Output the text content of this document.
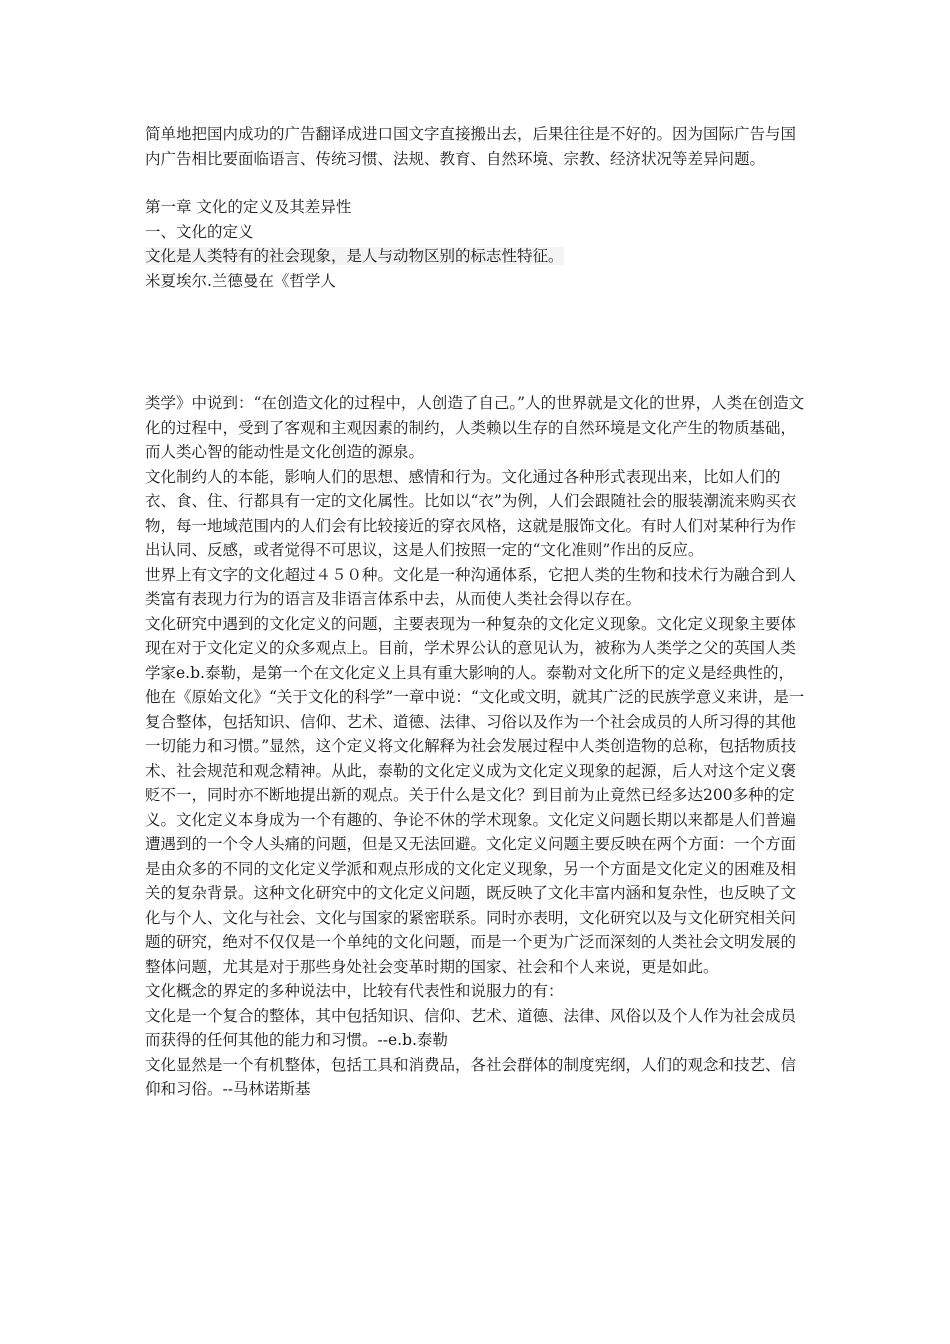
简单地把国内成功的广告翻译成进口国文字直接搬出去，后果往往是不好的。因为国际广告与国内广告相比要面临语言、传统习惯、法规、教育、自然环境、宗教、经济状况等差异问题。

第一章 文化的定义及其差异性

一、文化的定义

文化是人类特有的社会现象，是人与动物区别的标志性特征。

米夏埃尔.兰德曼在《哲学人

类学》中说到：“在创造文化的过程中，人创造了自己。”人的世界就是文化的世界，人类在创造文化的过程中，受到了客观和主观因素的制约，人类赖以生存的自然环境是文化产生的物质基础，而人类心智的能动性是文化创造的源泉。

文化制约人的本能，影响人们的思想、感情和行为。文化通过各种形式表现出来，比如人们的衣、食、住、行都具有一定的文化属性。比如以“衣”为例，人们会跟随社会的服装潮流来购买衣物，每一地域范围内的人们会有比较接近的穿衣风格，这就是服饰文化。有时人们对某种行为作出认同、反感，或者觉得不可思议，这是人们按照一定的“文化准则”作出的反应。

世界上有文字的文化超过４５０种。文化是一种沟通体系，它把人类的生物和技术行为融合到人类富有表现力行为的语言及非语言体系中去，从而使人类社会得以存在。

文化研究中遇到的文化定义的问题，主要表现为一种复杂的文化定义现象。文化定义现象主要体现在对于文化定义的众多观点上。目前，学术界公认的意见认为，被称为人类学之父的英国人类学家e.b.泰勒，是第一个在文化定义上具有重大影响的人。泰勒对文化所下的定义是经典性的，他在《原始文化》“关于文化的科学”一章中说：“文化或文明，就其广泛的民族学意义来讲，是一复合整体，包括知识、信仰、艺术、道德、法律、习俗以及作为一个社会成员的人所习得的其他一切能力和习惯。”显然，这个定义将文化解释为社会发展过程中人类创造物的总称，包括物质技术、社会规范和观念精神。从此，泰勒的文化定义成为文化定义现象的起源，后人对这个定义褒贬不一，同时亦不断地提出新的观点。关于什么是文化？到目前为止竟然已经多达200多种的定义。文化定义本身成为一个有趣的、争论不休的学术现象。文化定义问题长期以来都是人们普遍遭遇到的一个令人头痛的问题，但是又无法回避。文化定义问题主要反映在两个方面：一个方面是由众多的不同的文化定义学派和观点形成的文化定义现象，另一个方面是文化定义的困难及相关的复杂背景。这种文化研究中的文化定义问题，既反映了文化丰富内涵和复杂性，也反映了文化与个人、文化与社会、文化与国家的紧密联系。同时亦表明，文化研究以及与文化研究相关问题的研究，绝对不仅仅是一个单纯的文化问题，而是一个更为广泛而深刻的人类社会文明发展的整体问题，尤其是对于那些身处社会变革时期的国家、社会和个人来说，更是如此。

文化概念的界定的多种说法中，比较有代表性和说服力的有：

文化是一个复合的整体，其中包括知识、信仰、艺术、道德、法律、风俗以及个人作为社会成员而获得的任何其他的能力和习惯。--e.b.泰勒

文化显然是一个有机整体，包括工具和消费品，各社会群体的制度宪纲，人们的观念和技艺、信仰和习俗。--马林诺斯基
